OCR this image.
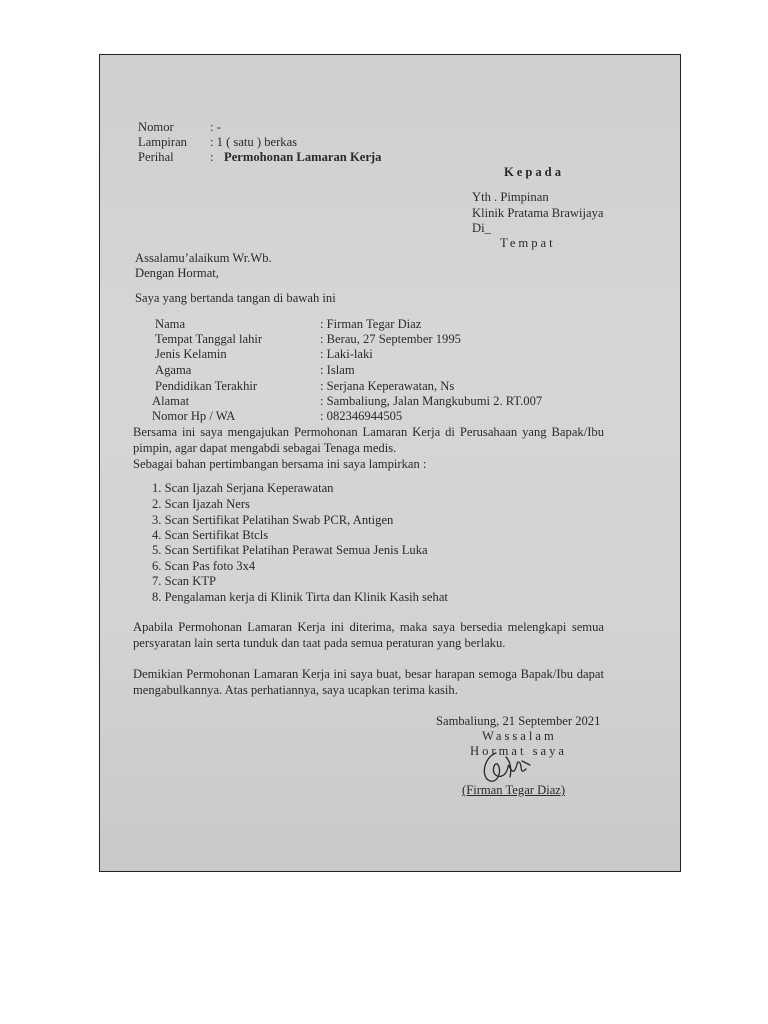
Nomor	: -
Lampiran : 1 ( satu ) berkas
Perihal	: Permohonan Lamaran Kerja
Kepada
Yth . Pimpinan
Klinik Pratama Brawijaya
Di_
Tempat
Assalamu’alaikum Wr.Wb.
Dengan Hormat,
Saya yang bertanda tangan di bawah ini
Nama	: Firman Tegar Diaz
Tempat Tanggal lahir	: Berau, 27 September 1995
Jenis Kelamin	: Laki-laki
Agama	: Islam
Pendidikan Terakhir	: Serjana Keperawatan, Ns
Alamat	: Sambaliung, Jalan Mangkubumi 2. RT.007
Nomor Hp / WA	: 082346944505
Bersama ini saya mengajukan Permohonan Lamaran Kerja di Perusahaan yang Bapak/Ibu
pimpin, agar dapat mengabdi sebagai Tenaga medis.
Sebagai bahan pertimbangan bersama ini saya lampirkan :
1. Scan Ijazah Serjana Keperawatan
2. Scan Ijazah Ners
3. Scan Sertifikat Pelatihan Swab PCR, Antigen
4. Scan Sertifikat Btcls
5. Scan Sertifikat Pelatihan Perawat Semua Jenis Luka
6. Scan Pas foto 3x4
7. Scan KTP
8. Pengalaman kerja di Klinik Tirta dan Klinik Kasih sehat
Apabila Permohonan Lamaran Kerja ini diterima, maka saya bersedia melengkapi semua
persyaratan lain serta tunduk dan taat pada semua peraturan yang berlaku.
Demikian Permohonan Lamaran Kerja ini saya buat, besar harapan semoga Bapak/Ibu dapat
mengabulkannya. Atas perhatiannya, saya ucapkan terima kasih.
Sambaliung, 21 September 2021
Wassalam
Hormat saya
(Firman Tegar Diaz)
